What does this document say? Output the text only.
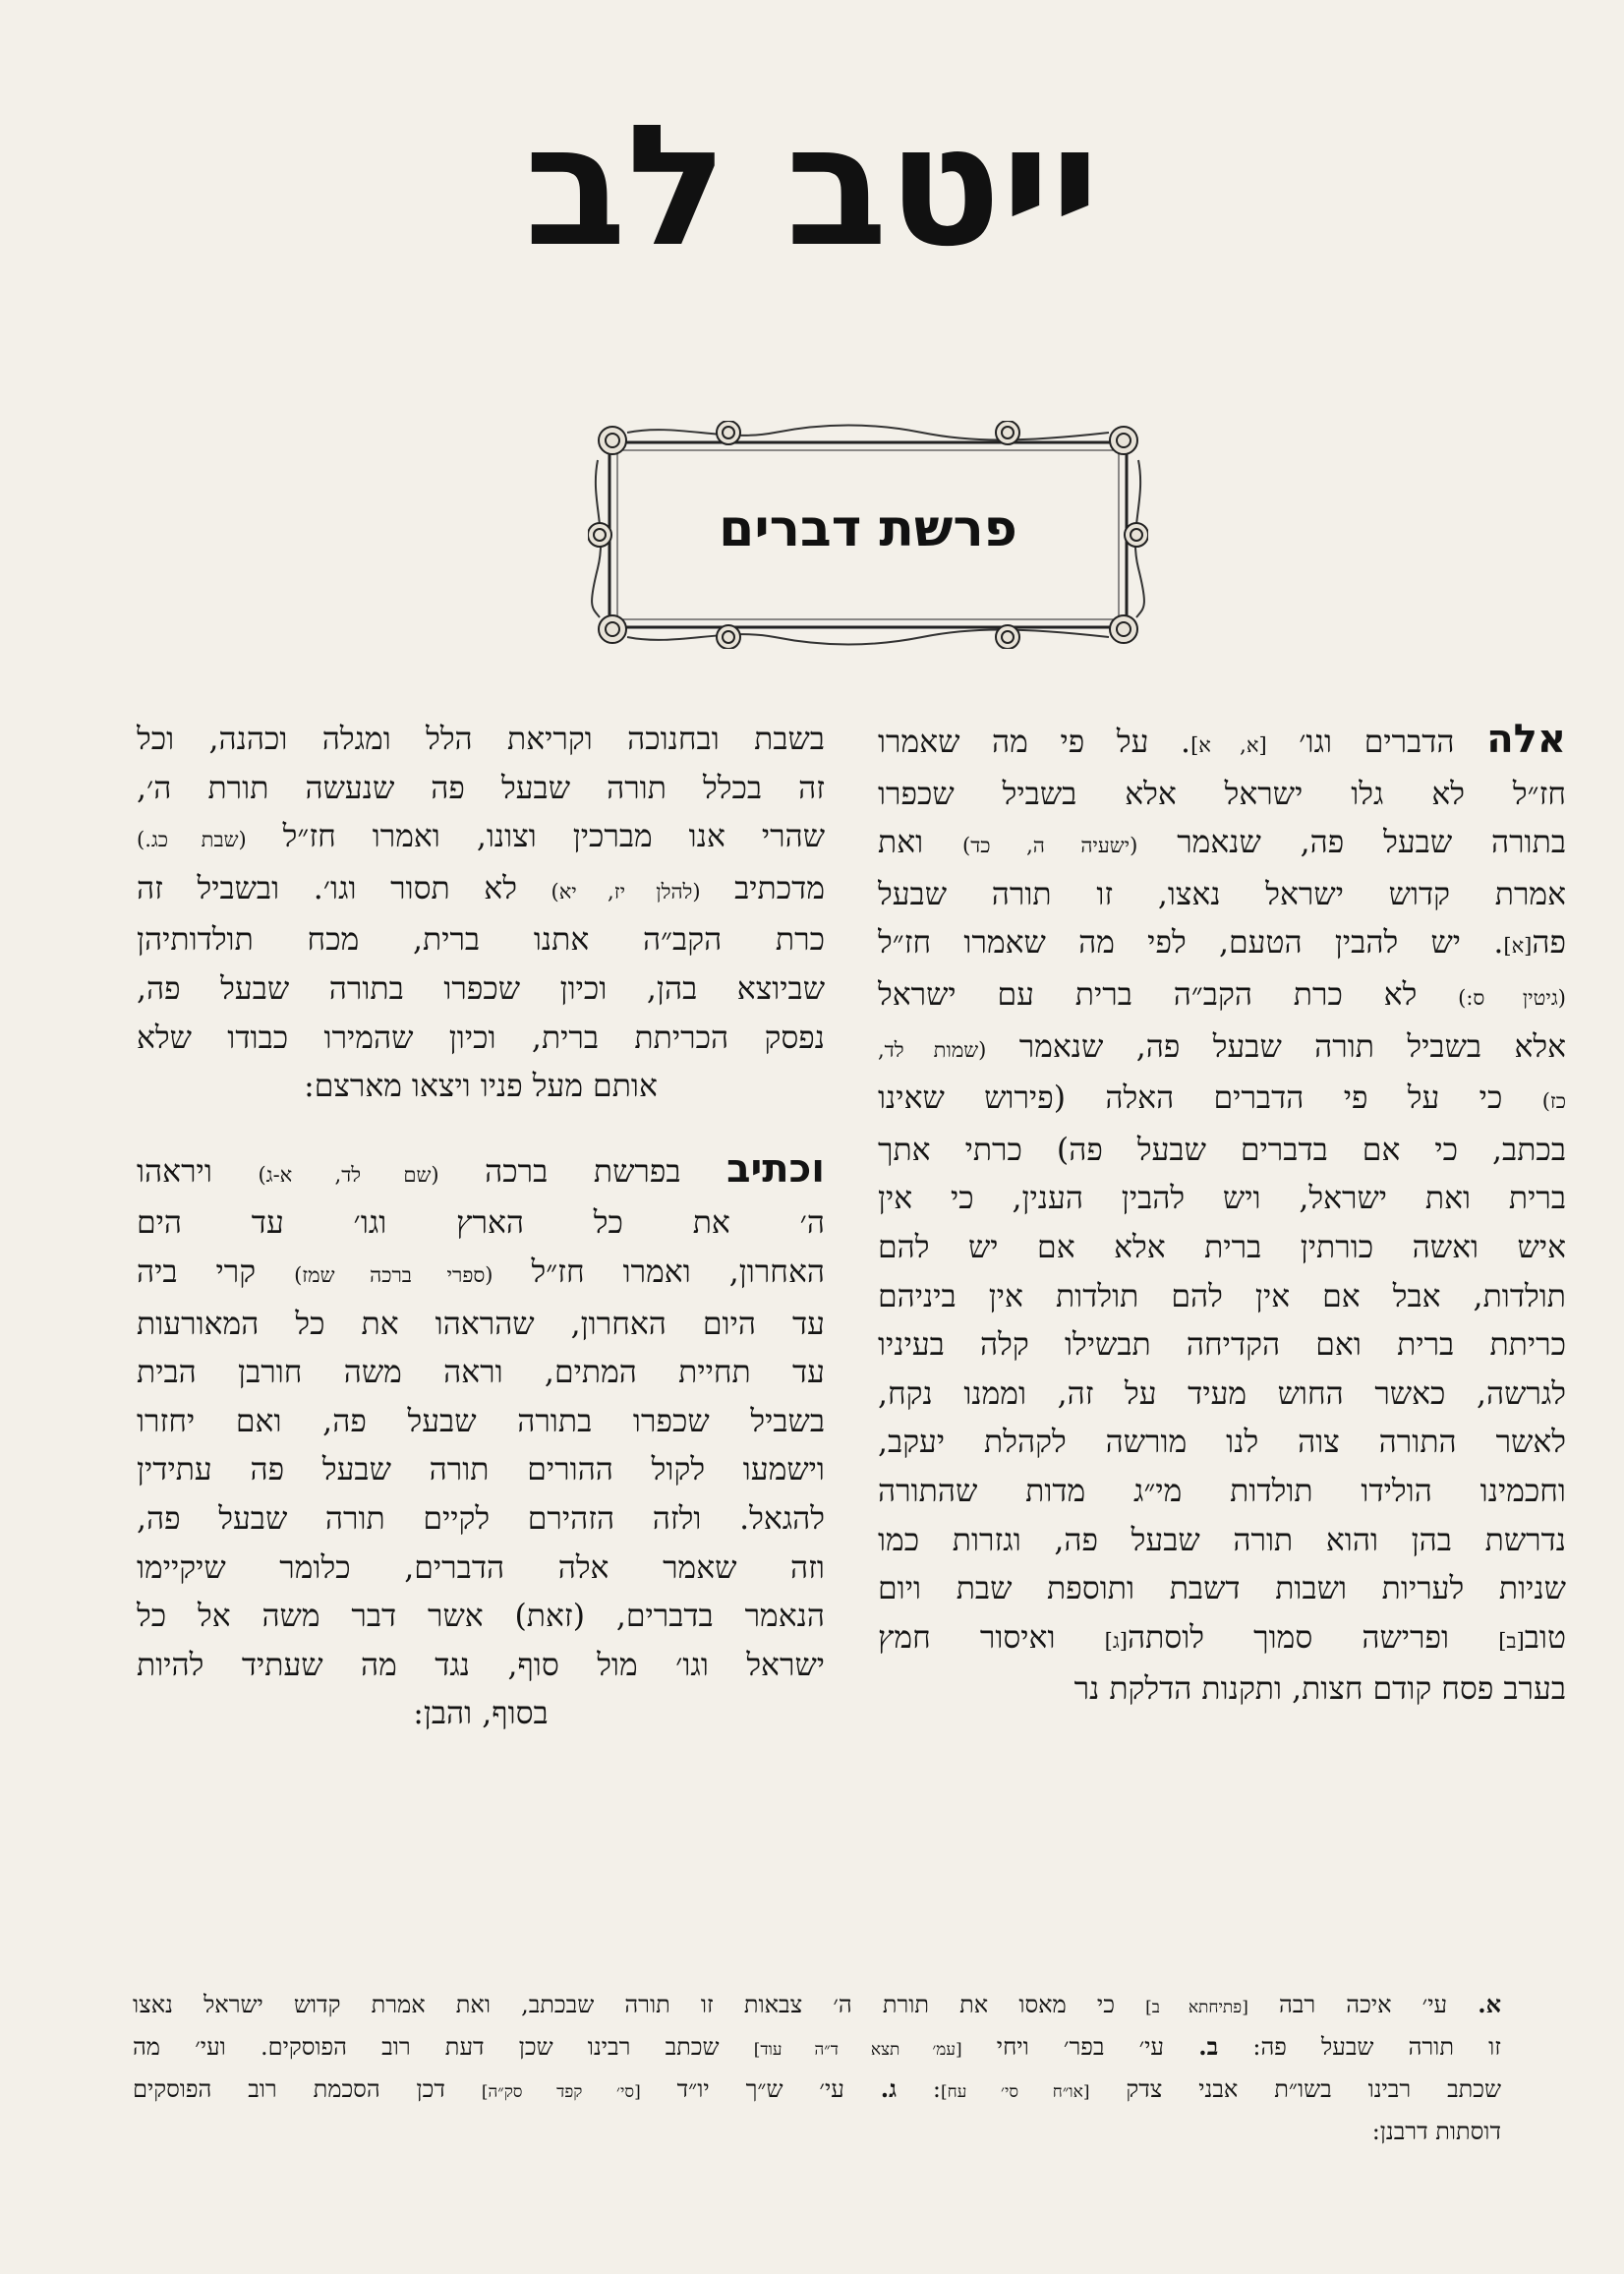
ייטב לב
פרשת דברים
אלה הדברים וגו׳ [א, א]. על פי מה שאמרו
חז״ל לא גלו ישראל אלא בשביל שכפרו
בתורה שבעל פה, שנאמר (ישעיה ה, כד) ואת
אמרת קדוש ישראל נאצו, זו תורה שבעל
פה[א]. יש להבין הטעם, לפי מה שאמרו חז״ל
(גיטין ס:) לא כרת הקב״ה ברית עם ישראל
אלא בשביל תורה שבעל פה, שנאמר (שמות לד,
כז) כי על פי הדברים האלה (פירוש שאינו
בכתב, כי אם בדברים שבעל פה) כרתי אתך
ברית ואת ישראל, ויש להבין הענין, כי אין
איש ואשה כורתין ברית אלא אם יש להם
תולדות, אבל אם אין להם תולדות אין ביניהם
כריתת ברית ואם הקדיחה תבשילו קלה בעיניו
לגרשה, כאשר החוש מעיד על זה, וממנו נקח,
לאשר התורה צוה לנו מורשה לקהלת יעקב,
וחכמינו הולידו תולדות מי״ג מדות שהתורה
נדרשת בהן והוא תורה שבעל פה, וגזרות כמו
שניות לעריות ושבות דשבת ותוספת שבת ויום
טוב[ב] ופרישה סמוך לוסתה[ג] ואיסור חמץ
בערב פסח קודם חצות, ותקנות הדלקת נר
בשבת ובחנוכה וקריאת הלל ומגלה וכהנה, וכל
זה בכלל תורה שבעל פה שנעשה תורת ה׳,
שהרי אנו מברכין וצונו, ואמרו חז״ל (שבת כג.)
מדכתיב (להלן יז, יא) לא תסור וגו׳. ובשביל זה
כרת הקב״ה אתנו ברית, מכח תולדותיהן
שביוצא בהן, וכיון שכפרו בתורה שבעל פה,
נפסק הכריתת ברית, וכיון שהמירו כבודו שלא
אותם מעל פניו ויצאו מארצם:
וכתיב בפרשת ברכה (שם לד, א-ג) ויראהו
ה׳ את כל הארץ וגו׳ עד הים
האחרון, ואמרו חז״ל (ספרי ברכה שמז) קרי ביה
עד היום האחרון, שהראהו את כל המאורעות
עד תחיית המתים, וראה משה חורבן הבית
בשביל שכפרו בתורה שבעל פה, ואם יחזרו
וישמעו לקול ההורים תורה שבעל פה עתידין
להגאל. ולזה הזהירם לקיים תורה שבעל פה,
וזה שאמר אלה הדברים, כלומר שיקיימו
הנאמר בדברים, (זאת) אשר דבר משה אל כל
ישראל וגו׳ מול סוף, נגד מה שעתיד להיות
בסוף, והבן:
א. עי׳ איכה רבה [פתיחתא ב] כי מאסו את תורת ה׳ צבאות זו תורה שבכתב, ואת אמרת קדוש ישראל נאצו
זו תורה שבעל פה: ב. עי׳ בפר׳ ויחי [עמ׳ תצא ד״ה עוד] שכתב רבינו שכן דעת רוב הפוסקים. ועי׳ מה
שכתב רבינו בשו״ת אבני צדק [או״ח סי׳ עח]: ג. עי׳ ש״ך יו״ד [סי׳ קפד סק״ה] דכן הסכמת רוב הפוסקים
דוסתות דרבנן:
